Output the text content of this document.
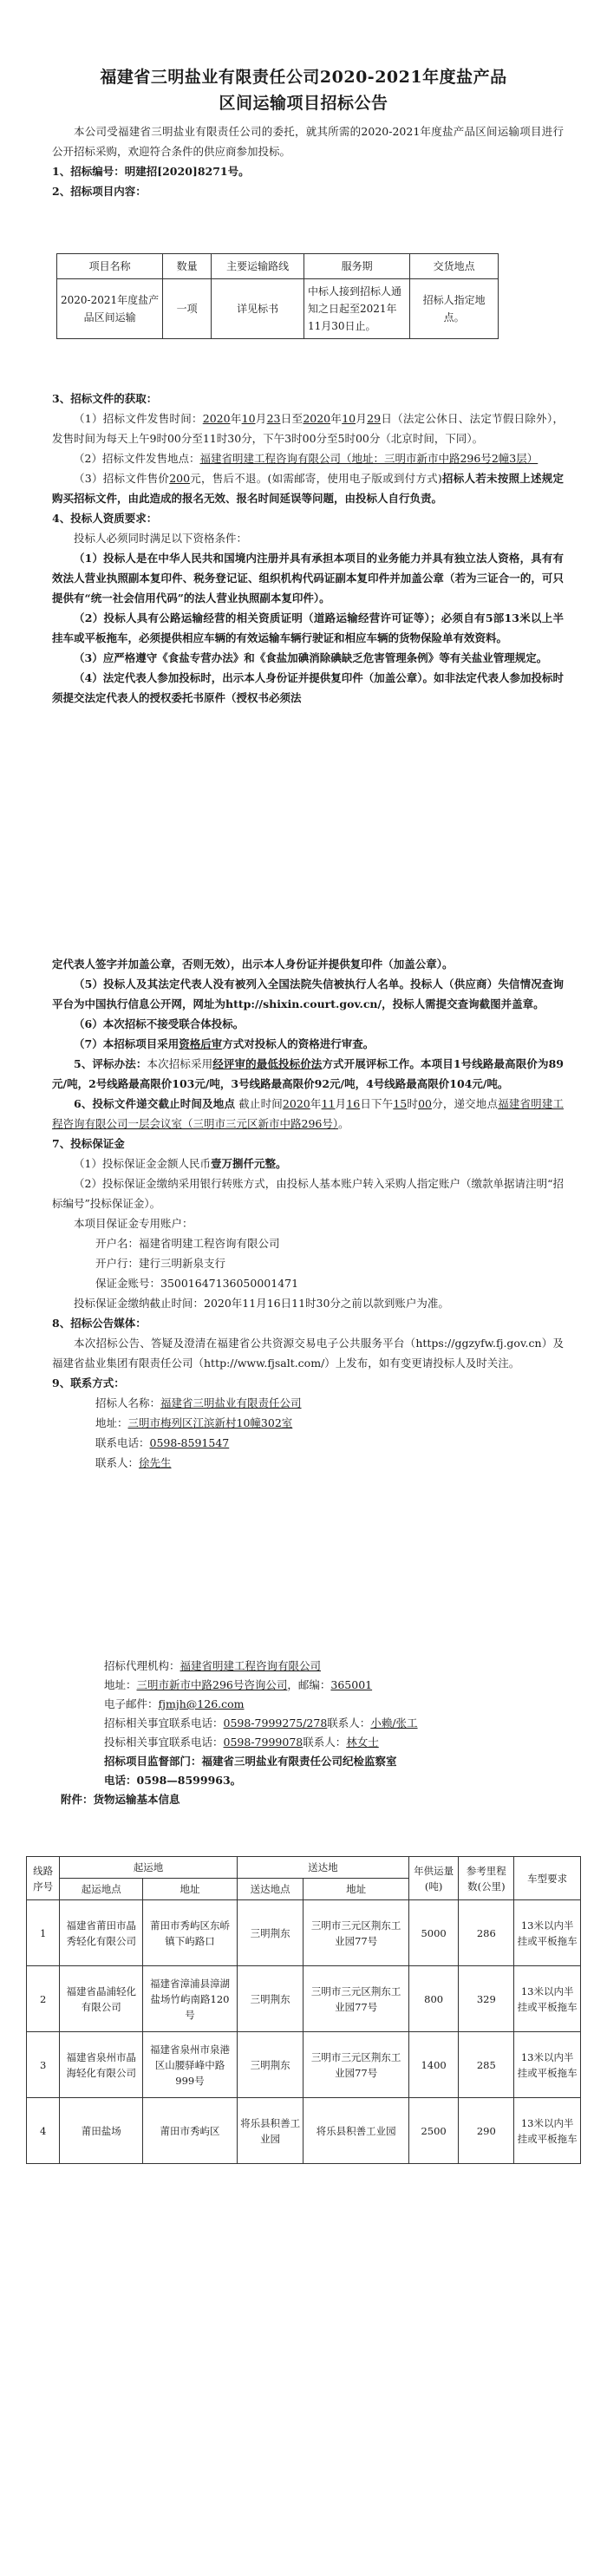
福建省三明盐业有限责任公司2020-2021年度盐产品
区间运输项目招标公告

本公司受福建省三明盐业有限责任公司的委托，就其所需的2020-2021年度盐产品区间运输项目进行公开招标采购，欢迎符合条件的供应商参加投标。

1、招标编号：明建招[2020]8271号。

2、招标项目内容：

项目名称	数量	主要运输路线	服务期	交货地点
2020-2021年度盐产品区间运输	一项	详见标书	中标人接到招标人通知之日起至2021年11月30日止。	招标人指定地点。

3、招标文件的获取：

（1）招标文件发售时间：2020年10月23日至2020年10月29日（法定公休日、法定节假日除外），发售时间为每天上午9时00分至11时30分，下午3时00分至5时00分（北京时间，下同）。

（2）招标文件发售地点：福建省明建工程咨询有限公司（地址：三明市新市中路296号2幢3层）

（3）招标文件售价200元，售后不退。(如需邮寄，使用电子版或到付方式)招标人若未按照上述规定购买招标文件，由此造成的报名无效、报名时间延误等问题，由投标人自行负责。

4、投标人资质要求：

投标人必须同时满足以下资格条件：

（1）投标人是在中华人民共和国境内注册并具有承担本项目的业务能力并具有独立法人资格，具有有效法人营业执照副本复印件、税务登记证、组织机构代码证副本复印件并加盖公章（若为三证合一的，可只提供有“统一社会信用代码”的法人营业执照副本复印件）。

（2）投标人具有公路运输经营的相关资质证明（道路运输经营许可证等）；必须自有5部13米以上半挂车或平板拖车，必须提供相应车辆的有效运输车辆行驶证和相应车辆的货物保险单有效资料。

（3）应严格遵守《食盐专营办法》和《食盐加碘消除碘缺乏危害管理条例》等有关盐业管理规定。

（4）法定代表人参加投标时，出示本人身份证并提供复印件（加盖公章）。如非法定代表人参加投标时须提交法定代表人的授权委托书原件（授权书必须法

定代表人签字并加盖公章，否则无效），出示本人身份证并提供复印件（加盖公章）。

（5）投标人及其法定代表人没有被列入全国法院失信被执行人名单。投标人（供应商）失信情况查询平台为中国执行信息公开网，网址为http://shixin.court.gov.cn/，投标人需提交查询截图并盖章。

（6）本次招标不接受联合体投标。

（7）本招标项目采用资格后审方式对投标人的资格进行审查。

5、评标办法：本次招标采用经评审的最低投标价法方式开展评标工作。本项目1号线路最高限价为89元/吨，2号线路最高限价103元/吨，3号线路最高限价92元/吨，4号线路最高限价104元/吨。

6、投标文件递交截止时间及地点 截止时间2020年11月16日下午15时00分，递交地点福建省明建工程咨询有限公司一层会议室（三明市三元区新市中路296号）。

7、投标保证金

（1）投标保证金金额人民币壹万捌仟元整。

（2）投标保证金缴纳采用银行转账方式，由投标人基本账户转入采购人指定账户（缴款单据请注明“招标编号”投标保证金）。

本项目保证金专用账户：

开户名：福建省明建工程咨询有限公司

开户行：建行三明新泉支行

保证金账号：35001647136050001471

投标保证金缴纳截止时间：2020年11月16日11时30分之前以款到账户为准。

8、招标公告媒体：

本次招标公告、答疑及澄清在福建省公共资源交易电子公共服务平台（https://ggzyfw.fj.gov.cn）及福建省盐业集团有限责任公司（http://www.fjsalt.com/）上发布，如有变更请投标人及时关注。

9、联系方式：

招标人名称：福建省三明盐业有限责任公司

地址：三明市梅列区江滨新村10幢302室

联系电话：0598-8591547

联系人：徐先生

招标代理机构：福建省明建工程咨询有限公司
地址：三明市新市中路296号咨询公司，邮编：365001
电子邮件：fjmjh@126.com
招标相关事宜联系电话：0598-7999275/278联系人：小赖/张工
投标相关事宜联系电话：0598-7999078联系人：林女士
招标项目监督部门：福建省三明盐业有限责任公司纪检监察室
电话：0598—8599963。
附件：货物运输基本信息
线路序号	起运地		送达地		年供运量(吨)	参考里程数(公里)	车型要求
	起运地点	地址	送达地点	地址			
1	福建省莆田市晶秀轻化有限公司	莆田市秀屿区东峤镇下屿路口	三明荆东	三明市三元区荆东工业园77号	5000	286	13米以内半挂或平板拖车
2	福建省晶浦轻化有限公司	福建省漳浦县漳湖盐场竹屿南路120号	三明荆东	三明市三元区荆东工业园77号	800	329	13米以内半挂或平板拖车
3	福建省泉州市晶海轻化有限公司	福建省泉州市泉港区山腰驿峰中路999号	三明荆东	三明市三元区荆东工业园77号	1400	285	13米以内半挂或平板拖车
4	莆田盐场	莆田市秀屿区	将乐县积善工业园	将乐县积善工业园	2500	290	13米以内半挂或平板拖车
